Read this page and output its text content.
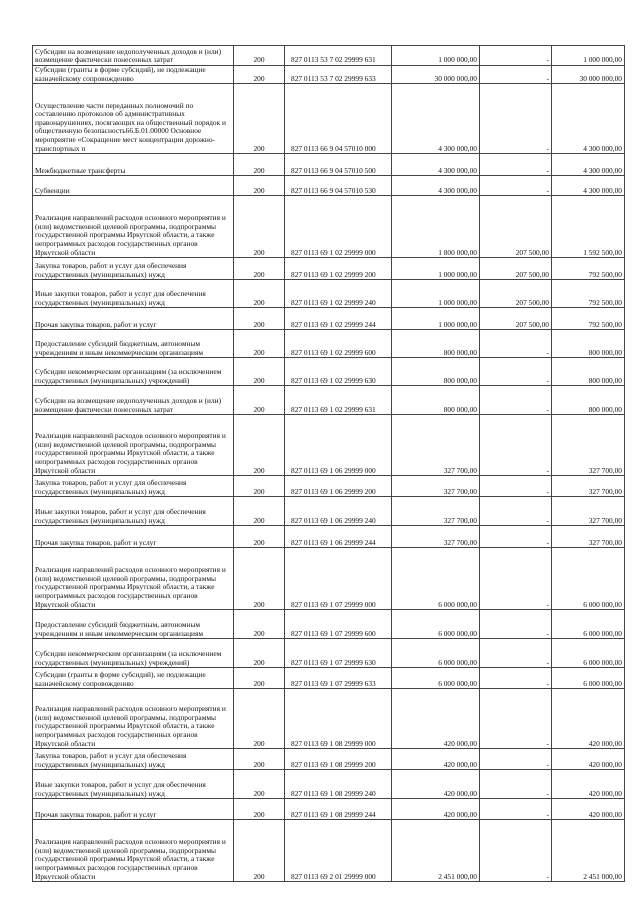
Субсидии на возмещение недополученных доходов и (или) возмещение фактически понесенных затрат	200	827 0113 53 7 02 29999 631	1 000 000,00	-	1 000 000,00
Субсидии (гранты в форме субсидий), не подлежащие казначейскому сопровождению	200	827 0113 53 7 02 29999 633	30 000 000,00	-	30 000 000,00
Осуществление части переданных полномочий по составлению протоколов об административных правонарушениях, посягающих на общественный порядок и общественную безопасность66.Б.01.00000 Основное мероприятие «Сокращение мест концентрации дорожно-транспортных п	200	827 0113 66 9 04 57010 000	4 300 000,00	-	4 300 000,00
Межбюджетные трансферты	200	827 0113 66 9 04 57010 500	4 300 000,00	-	4 300 000,00
Субвенции	200	827 0113 66 9 04 57010 530	4 300 000,00	-	4 300 000,00
Реализация направлений расходов основного мероприятия и (или) ведомственной целевой программы, подпрограммы государственной программы Иркутской области, а также непрограммных расходов государственных органов Иркутской области	200	827 0113 69 1 02 29999 000	1 800 000,00	207 500,00	1 592 500,00
Закупка товаров, работ и услуг для обеспечения государственных (муниципальных) нужд	200	827 0113 69 1 02 29999 200	1 000 000,00	207 500,00	792 500,00
Иные закупки товаров, работ и услуг для обеспечения государственных (муниципальных) нужд	200	827 0113 69 1 02 29999 240	1 000 000,00	207 500,00	792 500,00
Прочая закупка товаров, работ и услуг	200	827 0113 69 1 02 29999 244	1 000 000,00	207 500,00	792 500,00
Предоставление субсидий бюджетным, автономным учреждениям и иным некоммерческим организациям	200	827 0113 69 1 02 29999 600	800 000,00	-	800 000,00
Субсидии некоммерческим организациям (за исключением государственных (муниципальных) учреждений)	200	827 0113 69 1 02 29999 630	800 000,00	-	800 000,00
Субсидии на возмещение недополученных доходов и (или) возмещение фактически понесенных затрат	200	827 0113 69 1 02 29999 631	800 000,00	-	800 000,00
Реализация направлений расходов основного мероприятия и (или) ведомственной целевой программы, подпрограммы государственной программы Иркутской области, а также непрограммных расходов государственных органов Иркутской области	200	827 0113 69 1 06 29999 000	327 700,00	-	327 700,00
Закупка товаров, работ и услуг для обеспечения государственных (муниципальных) нужд	200	827 0113 69 1 06 29999 200	327 700,00	-	327 700,00
Иные закупки товаров, работ и услуг для обеспечения государственных (муниципальных) нужд	200	827 0113 69 1 06 29999 240	327 700,00	-	327 700,00
Прочая закупка товаров, работ и услуг	200	827 0113 69 1 06 29999 244	327 700,00	-	327 700,00
Реализация направлений расходов основного мероприятия и (или) ведомственной целевой программы, подпрограммы государственной программы Иркутской области, а также непрограммных расходов государственных органов Иркутской области	200	827 0113 69 1 07 29999 000	6 000 000,00	-	6 000 000,00
Предоставление субсидий бюджетным, автономным учреждениям и иным некоммерческим организациям	200	827 0113 69 1 07 29999 600	6 000 000,00	-	6 000 000,00
Субсидии некоммерческим организациям (за исключением государственных (муниципальных) учреждений)	200	827 0113 69 1 07 29999 630	6 000 000,00	-	6 000 000,00
Субсидии (гранты в форме субсидий), не подлежащие казначейскому сопровождению	200	827 0113 69 1 07 29999 633	6 000 000,00	-	6 000 000,00
Реализация направлений расходов основного мероприятия и (или) ведомственной целевой программы, подпрограммы государственной программы Иркутской области, а также непрограммных расходов государственных органов Иркутской области	200	827 0113 69 1 08 29999 000	420 000,00	-	420 000,00
Закупка товаров, работ и услуг для обеспечения государственных (муниципальных) нужд	200	827 0113 69 1 08 29999 200	420 000,00	-	420 000,00
Иные закупки товаров, работ и услуг для обеспечения государственных (муниципальных) нужд	200	827 0113 69 1 08 29999 240	420 000,00	-	420 000,00
Прочая закупка товаров, работ и услуг	200	827 0113 69 1 08 29999 244	420 000,00	-	420 000,00
Реализация направлений расходов основного мероприятия и (или) ведомственной целевой программы, подпрограммы государственной программы Иркутской области, а также непрограммных расходов государственных органов Иркутской области	200	827 0113 69 2 01 29999 000	2 451 000,00	-	2 451 000,00
